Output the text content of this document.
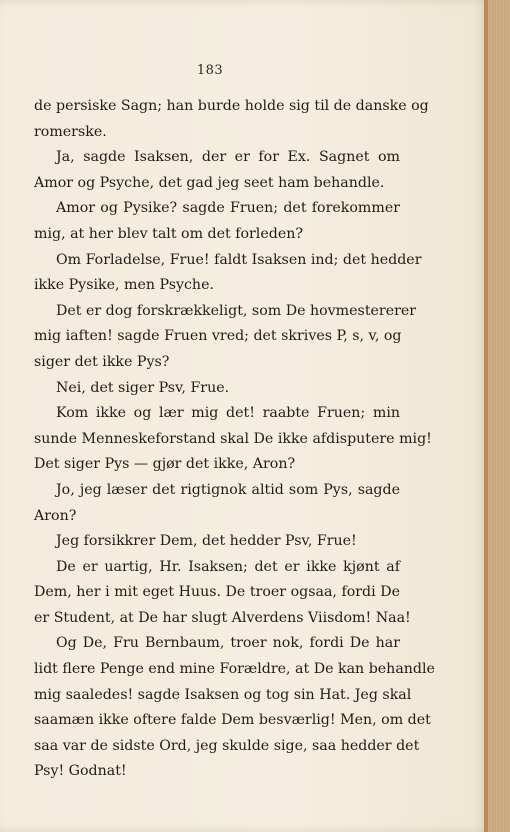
183
de persiske Sagn; han burde holde sig til de danske og
romerske.
Ja, sagde Isaksen, der er for Ex. Sagnet om
Amor og Psyche, det gad jeg seet ham behandle.
Amor og Pysike? sagde Fruen; det forekommer
mig, at her blev talt om det forleden?
Om Forladelse, Frue! faldt Isaksen ind; det hedder
ikke Pysike, men Psyche.
Det er dog forskrækkeligt, som De hovmestererer
mig iaften! sagde Fruen vred; det skrives P, s, v, og
siger det ikke Pys?
Nei, det siger Psv, Frue.
Kom ikke og lær mig det! raabte Fruen; min
sunde Menneskeforstand skal De ikke afdisputere mig!
Det siger Pys — gjør det ikke, Aron?
Jo, jeg læser det rigtignok altid som Pys, sagde
Aron?
Jeg forsikkrer Dem, det hedder Psv, Frue!
De er uartig, Hr. Isaksen; det er ikke kjønt af
Dem, her i mit eget Huus. De troer ogsaa, fordi De
er Student, at De har slugt Alverdens Viisdom! Naa!
Og De, Fru Bernbaum, troer nok, fordi De har
lidt flere Penge end mine Forældre, at De kan behandle
mig saaledes! sagde Isaksen og tog sin Hat. Jeg skal
saamæn ikke oftere falde Dem besværlig! Men, om det
saa var de sidste Ord, jeg skulde sige, saa hedder det
Psy! Godnat!
